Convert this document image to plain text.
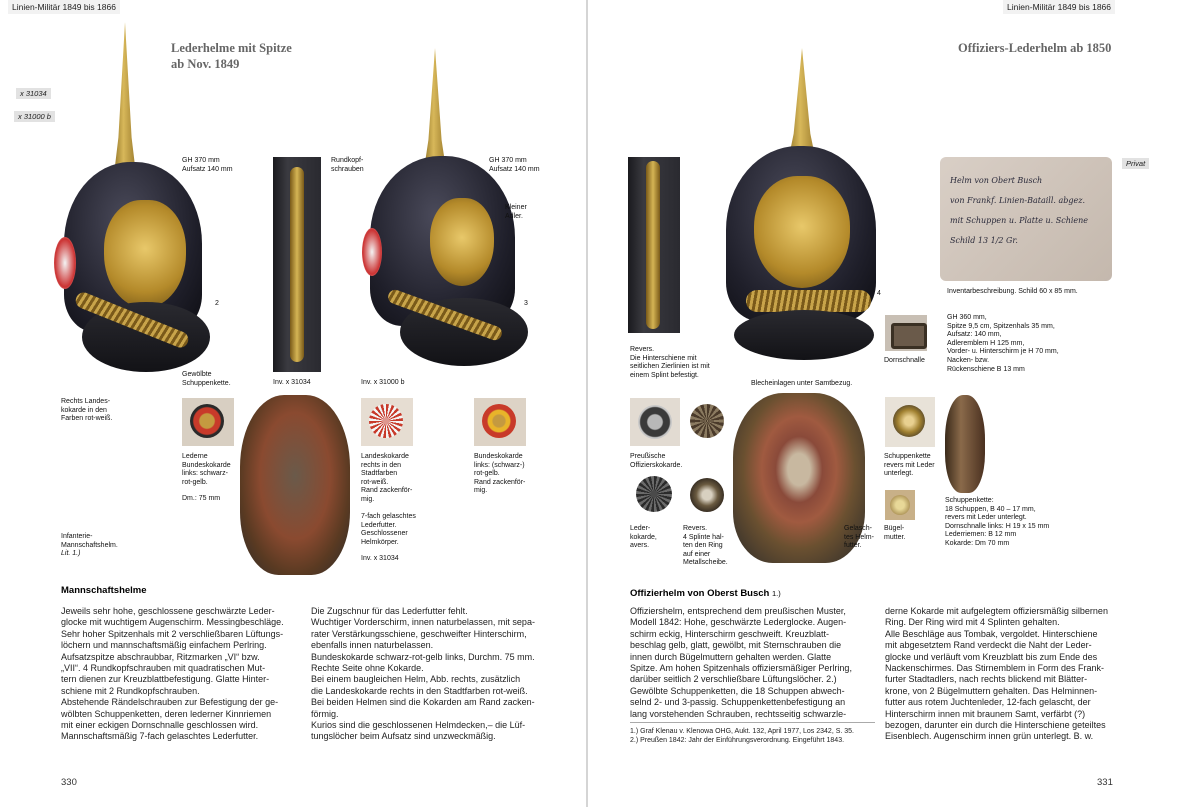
Linien-Militär 1849 bis 1866
x 31034
x 31000 b
Lederhelme mit Spitze
ab Nov. 1849
GH 370 mm
Aufsatz 140 mm
2
Rundkopf-
schrauben
GH 370 mm
Aufsatz 140 mm
Kleiner
Adler.
3
Gewölbte
Schuppenkette.	Inv. x 31034	Inv. x 31000 b
Rechts Landes-
kokarde in den
Farben rot-weiß.
Lederne
Bundeskokarde
links: schwarz-
rot-gelb.
Dm.: 75 mm
Landeskokarde
rechts in den
Stadtfarben
rot-weiß.
Rand zackenför-
mig.
Bundeskokarde
links: (schwarz-)
rot-gelb.
Rand zackenför-
mig.
7-fach gelaschtes
Lederfutter.
Geschlossener
Helmkörper.
Inv. x 31034
Infanterie-
Mannschaftshelm.
Lit. 1.)
Mannschaftshelme

Jeweils sehr hohe, geschlossene geschwärzte Leder-

glocke mit wuchtigem Augenschirm. Messingbeschläge.

Sehr hoher Spitzenhals mit 2 verschließbaren Lüftungs-

löchern und mannschaftsmäßig einfachem Perlring.

Aufsatzspitze abschraubbar, Ritzmarken „VI“ bzw.

„VII“. 4 Rundkopfschrauben mit quadratischen Mut-

tern dienen zur Kreuzblattbefestigung. Glatte Hinter-

schiene mit 2 Rundkopfschrauben.

Abstehende Rändelschrauben zur Befestigung der ge-

wölbten Schuppenketten, deren lederner Kinnriemen

mit einer eckigen Dornschnalle geschlossen wird.

Mannschaftsmäßig 7-fach gelaschtes Lederfutter.

Die Zugschnur für das Lederfutter fehlt.

Wuchtiger Vorderschirm, innen naturbelassen, mit sepa-

rater Verstärkungsschiene, geschweifter Hinterschirm,

ebenfalls innen naturbelassen.

Bundeskokarde schwarz-rot-gelb links, Durchm. 75 mm.

Rechte Seite ohne Kokarde.

Bei einem baugleichen Helm, Abb. rechts, zusätzlich

die Landeskokarde rechts in den Stadtfarben rot-weiß.

Bei beiden Helmen sind die Kokarden am Rand zacken-

förmig.

Kurios sind die geschlossenen Helmdecken,– die Lüf-

tungslöcher beim Aufsatz sind unzweckmäßig.

330
Linien-Militär 1849 bis 1866
Offiziers-Lederhelm ab 1850
Privat
4
Helm von Obert Busch
von Frankf. Linien-Bataill. abgez.
mit Schuppen u. Platte u. Schiene
Schild 13 1/2 Gr.
Inventarbeschreibung. Schild 60 x 85 mm.
Dornschnalle
GH 360 mm,
Spitze 9,5 cm, Spitzenhals 35 mm,
Aufsatz: 140 mm,
Adleremblem H 125 mm,
Vorder- u. Hinterschirm je H 70 mm,
Nacken- bzw.
Rückenschiene B 13 mm
Revers.
Die Hinterschiene mit
seitlichen Zierlinien ist mit
einem Splint befestigt.
Blecheinlagen unter Samtbezug.
Preußische
Offizierskokarde.
Leder-
kokarde,
avers.
Revers.
4 Splinte hal-
ten den Ring
auf einer
Metallscheibe.
Gelasch-
tes Helm-
futter.
Schuppenkette
revers mit Leder
unterlegt.
Bügel-
mutter.
Schuppenkette:
18 Schuppen, B 40 – 17 mm,
revers mit Leder unterlegt.
Dornschnalle links: H 19 x 15 mm
Lederriemen: B 12 mm
Kokarde: Dm 70 mm
Offizierhelm von Oberst Busch 1.)

Offiziershelm, entsprechend dem preußischen Muster,

Modell 1842: Hohe, geschwärzte Lederglocke. Augen-

schirm eckig, Hinterschirm geschweift. Kreuzblatt-

beschlag gelb, glatt, gewölbt, mit Sternschrauben die

innen durch Bügelmuttern gehalten werden. Glatte

Spitze. Am hohen Spitzenhals offiziersmäßiger Perlring,

darüber seitlich 2 verschließbare Lüftungslöcher. 2.)

Gewölbte Schuppenketten, die 18 Schuppen abwech-

selnd 2- und 3-passig. Schuppenkettenbefestigung an

lang vorstehenden Schrauben, rechtsseitig schwarzle-

1.) Graf Klenau v. Klenowa OHG, Aukt. 132, April 1977, Los 2342, S. 35.
2.) Preußen 1842: Jahr der Einführungsverordnung. Eingeführt 1843.

derne Kokarde mit aufgelegtem offiziersmäßig silbernen

Ring. Der Ring wird mit 4 Splinten gehalten.

Alle Beschläge aus Tombak, vergoldet. Hinterschiene

mit abgesetztem Rand verdeckt die Naht der Leder-

glocke und verläuft vom Kreuzblatt bis zum Ende des

Nackenschirmes. Das Stirnemblem in Form des Frank-

furter Stadtadlers, nach rechts blickend mit Blätter-

krone, von 2 Bügelmuttern gehalten. Das Helminnen-

futter aus rotem Juchtenleder, 12-fach gelascht, der

Hinterschirm innen mit braunem Samt, verfärbt (?)

bezogen, darunter ein durch die Hinterschiene geteiltes

Eisenblech. Augenschirm innen grün unterlegt. B. w.

331
